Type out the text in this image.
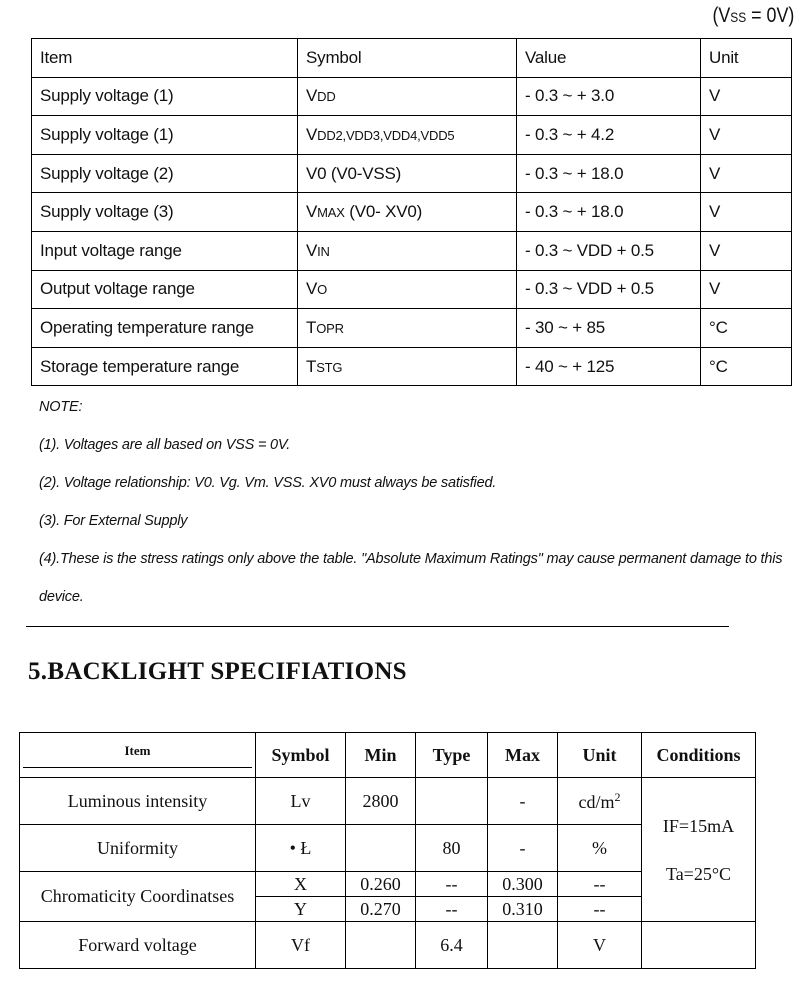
(VSS = 0V)
Item	Symbol	Value	Unit
Supply voltage (1)	VDD	- 0.3 ~ + 3.0	V
Supply voltage (1)	VDD2,VDD3,VDD4,VDD5	- 0.3 ~ + 4.2	V
Supply voltage (2)	V0 (V0-VSS)	- 0.3 ~ + 18.0	V
Supply voltage (3)	VMAX (V0- XV0)	- 0.3 ~ + 18.0	V
Input voltage range	VIN	- 0.3 ~ VDD + 0.5	V
Output voltage range	VO	- 0.3 ~ VDD + 0.5	V
Operating temperature range	TOPR	- 30 ~ + 85	°C
Storage temperature range	TSTG	- 40 ~ + 125	°C
NOTE:
(1). Voltages are all based on VSS = 0V.
(2). Voltage relationship: V0. Vg. Vm. VSS. XV0 must always be satisfied.
(3). For External Supply
(4).These is the stress ratings only above the table. "Absolute Maximum Ratings" may cause permanent damage to this
device.
5.BACKLIGHT SPECIFIATIONS
Item	Symbol	Min	Type	Max	Unit	Conditions
Luminous intensity	Lv	2800		-	$cd/m^2$	IF=15mA
Ta=25°C

Uniformity	• Ł		80	-	%	
Chromaticity Coordinatses	X	0.260	--	0.300	--	
	Y	0.270	--	0.310	--	
Forward voltage	Vf		6.4		V	
